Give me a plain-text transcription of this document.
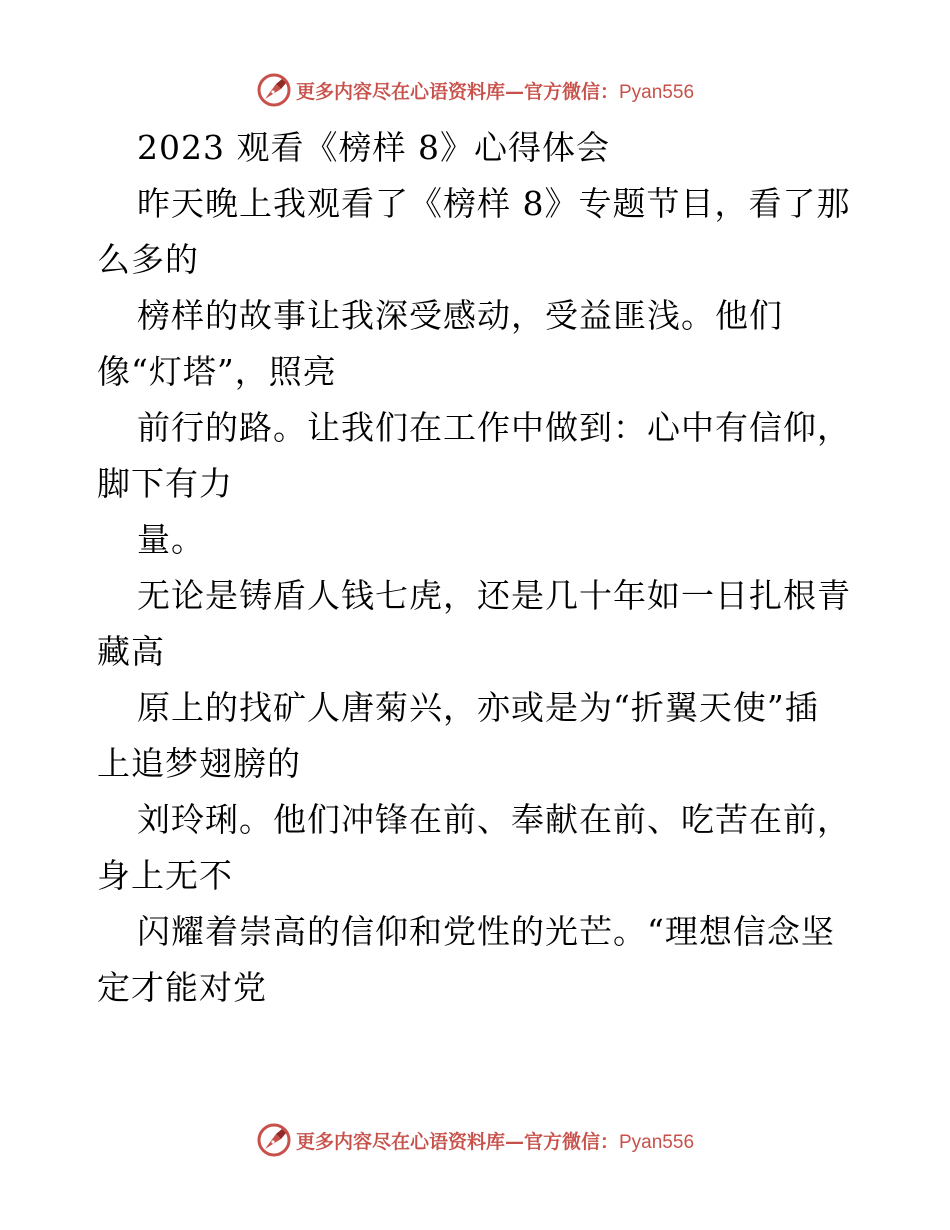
更多内容尽在心语资料库—官方微信：Pyan556
2023 观看《榜样 8》心得体会
昨天晚上我观看了《榜样 8》专题节目，看了那
么多的
榜样的故事让我深受感动，受益匪浅。他们
像“灯塔”，照亮
前行的路。让我们在工作中做到：心中有信仰，
脚下有力
量。
无论是铸盾人钱七虎，还是几十年如一日扎根青
藏高
原上的找矿人唐菊兴，亦或是为“折翼天使”插
上追梦翅膀的
刘玲琍。他们冲锋在前、奉献在前、吃苦在前，
身上无不
闪耀着崇高的信仰和党性的光芒。“理想信念坚
定才能对党
更多内容尽在心语资料库—官方微信：Pyan556
